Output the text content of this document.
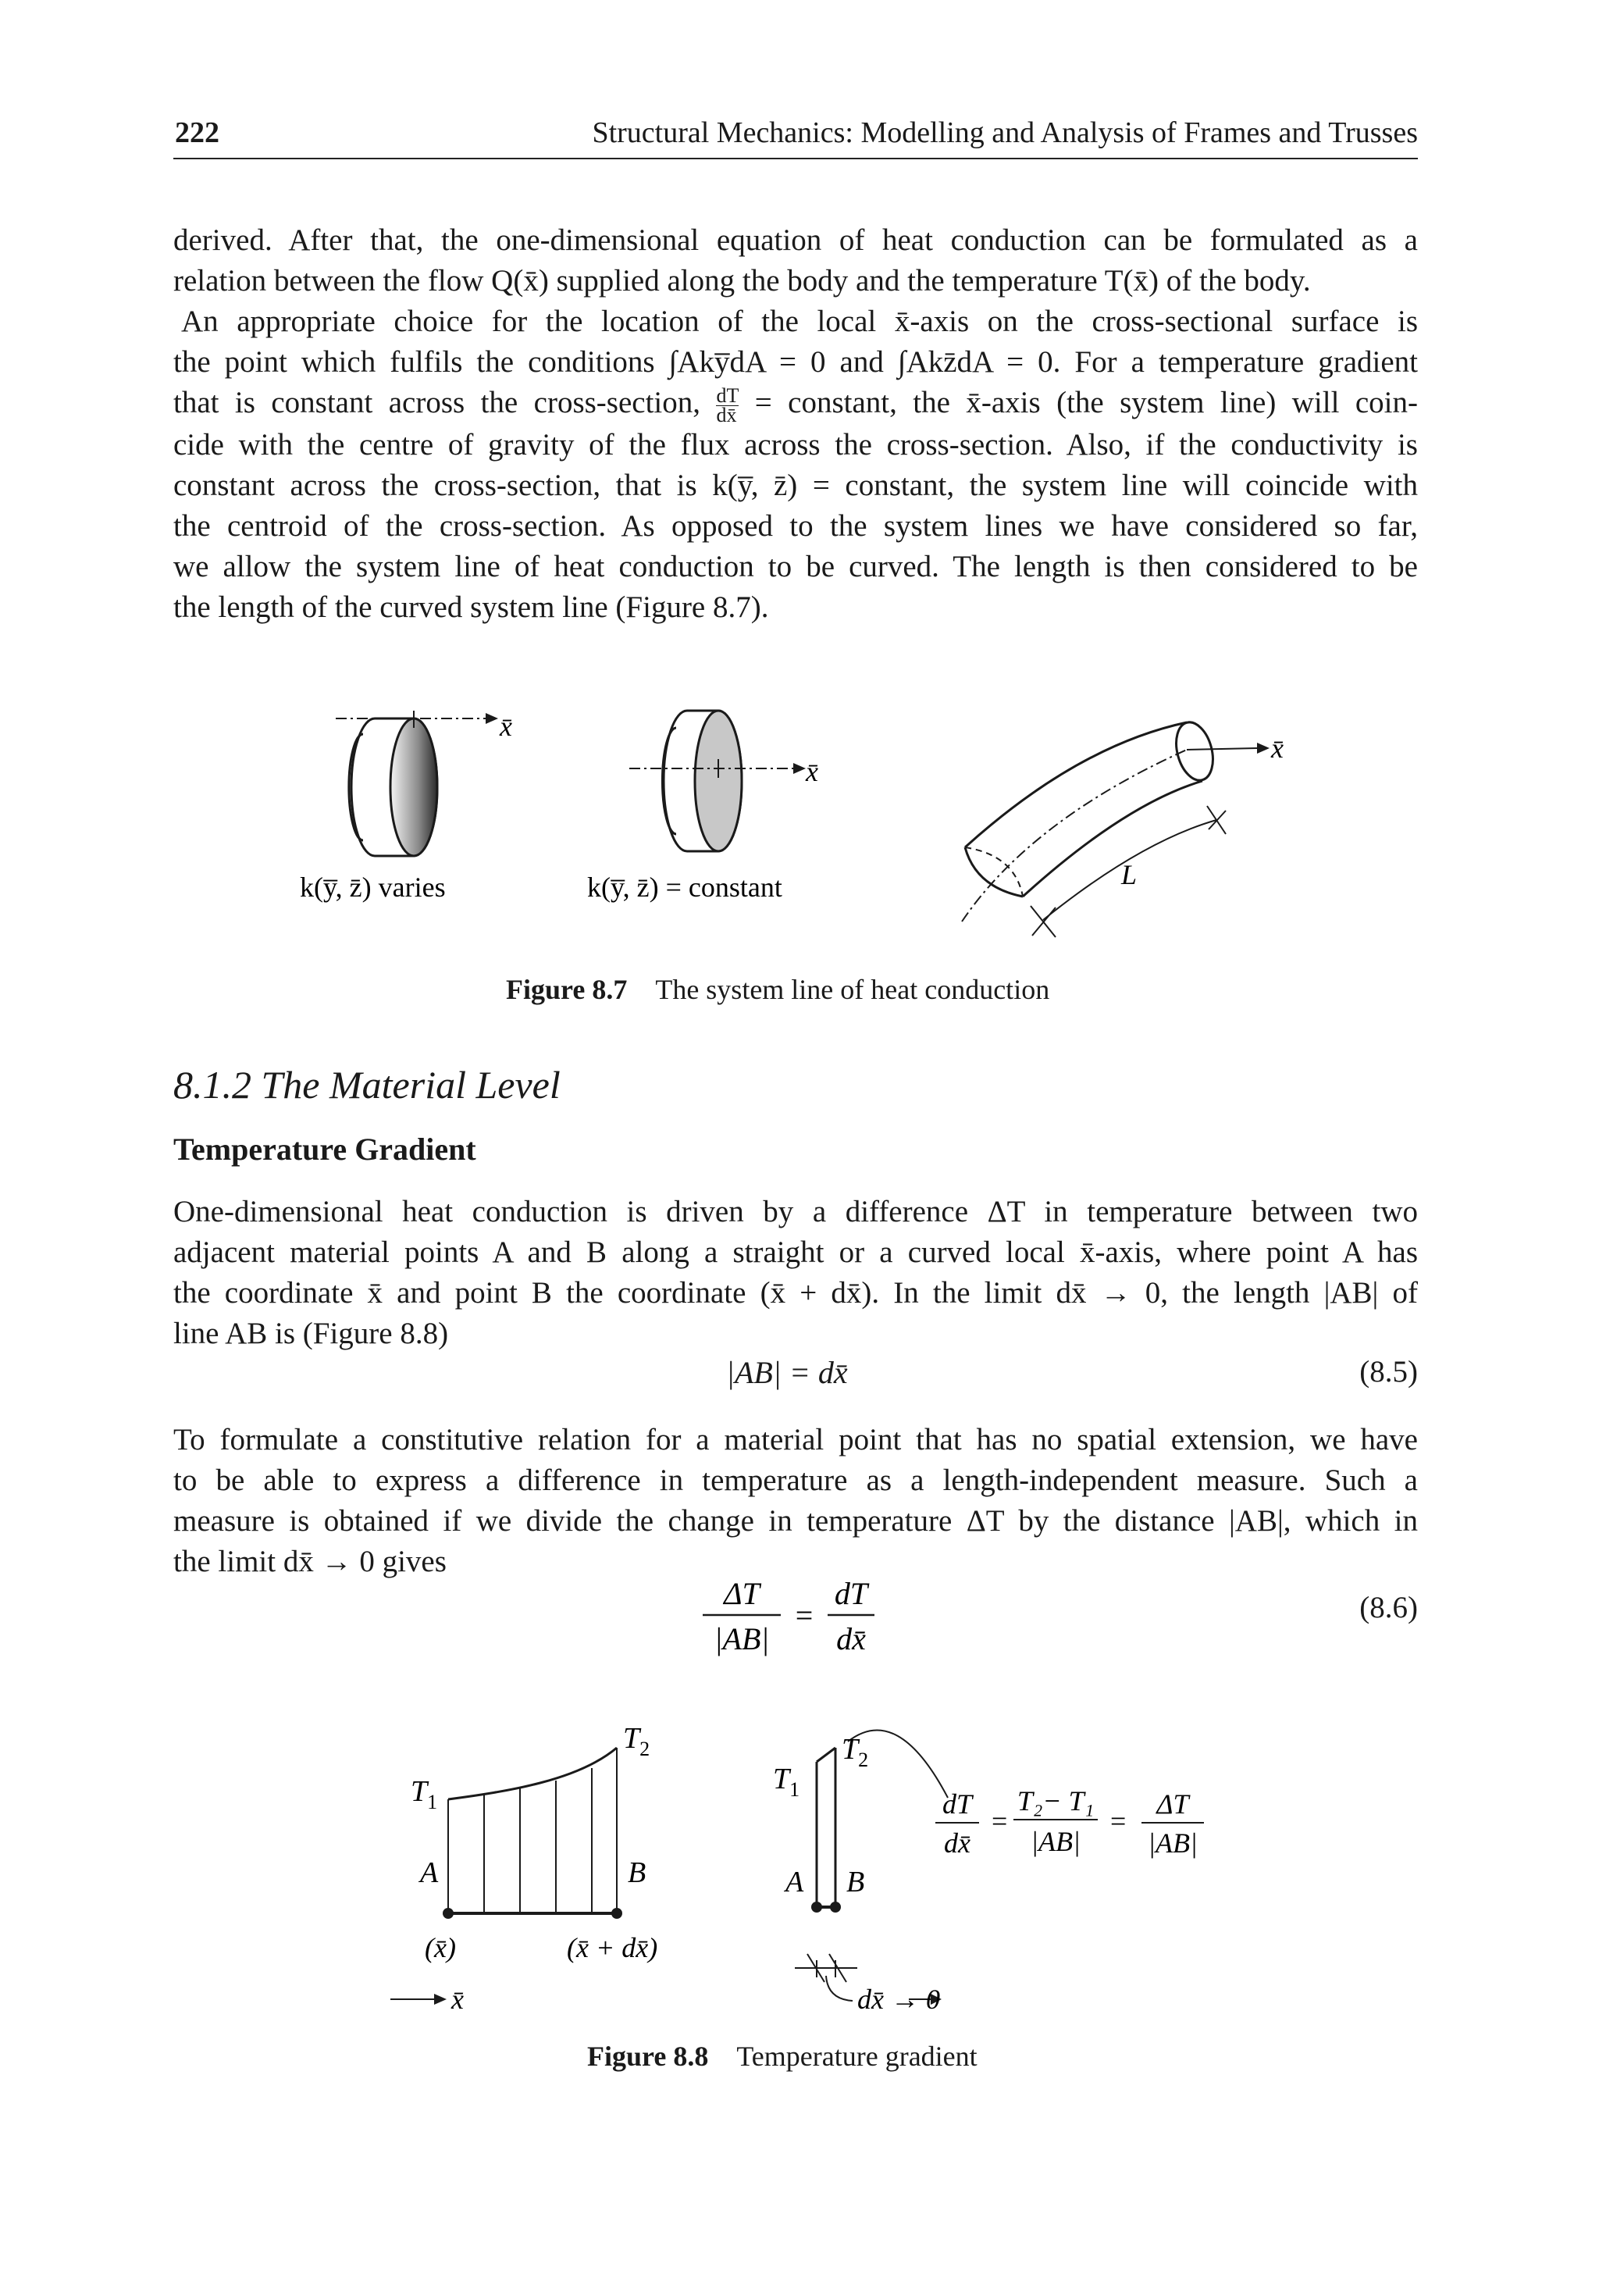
222	Structural Mechanics: Modelling and Analysis of Frames and Trusses

derived. After that, the one-dimensional equation of heat conduction can be formulated as a
relation between the flow Q(x̄) supplied along the body and the temperature T(x̄) of the body.

An appropriate choice for the location of the local x̄-axis on the cross-sectional surface is
the point which fulfils the conditions ∫Aky̅dA = 0 and ∫Akz̄dA = 0. For a temperature gradient
that is constant across the cross-section, $\frac{dT}{dx̄}$ = constant, the x̄-axis (the system line) will coin-
cide with the centre of gravity of the flux across the cross-section. Also, if the conductivity is
constant across the cross-section, that is k(y̅, z̄) = constant, the system line will coincide with
the centroid of the cross-section. As opposed to the system lines we have considered so far,
we allow the system line of heat conduction to be curved. The length is then considered to be
the length of the curved system line (Figure 8.7).

x̄
k(y̅, z̄) varies
x̄
k(y̅, z̄) = constant
x̄
L
Figure 8.7 The system line of heat conduction
8.1.2 The Material Level
Temperature Gradient

One-dimensional heat conduction is driven by a difference ΔT in temperature between two
adjacent material points A and B along a straight or a curved local x̄-axis, where point A has
the coordinate x̄ and point B the coordinate (x̄ + dx̄). In the limit dx̄ → 0, the length |AB| of
line AB is (Figure 8.8)

|AB| = dx̄	(8.5)

To formulate a constitutive relation for a material point that has no spatial extension, we have
to be able to express a difference in temperature as a length-independent measure. Such a
measure is obtained if we divide the change in temperature ΔT by the distance |AB|, which in
the limit dx̄ → 0 gives

ΔT
|AB|
=
dT
dx̄
(8.6)
$T_1$
$T_2$
A	B
(x̄)	(x̄ + dx̄)
x̄
$T_1$
$T_2$
A B
dx̄ → 0
dT
dx̄
=
T₂− T₁
|AB|
=
ΔT
|AB|
Figure 8.8 Temperature gradient
